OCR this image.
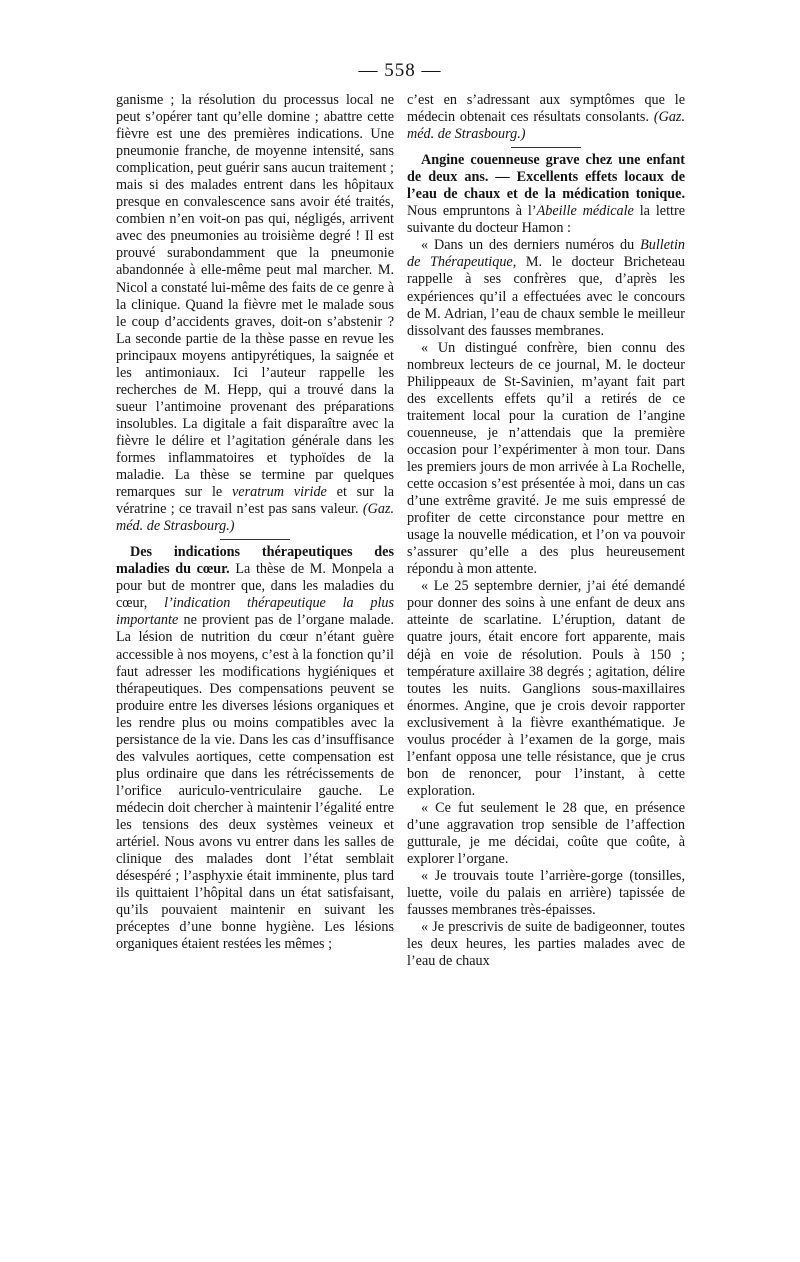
— 558 —

ganisme ; la résolution du processus local ne peut s’opérer tant qu’elle domine ; abattre cette fièvre est une des premières indications. Une pneumonie franche, de moyenne intensité, sans complication, peut guérir sans aucun traitement ; mais si des malades entrent dans les hôpitaux presque en convalescence sans avoir été traités, combien n’en voit-on pas qui, négligés, arrivent avec des pneumonies au troisième degré ! Il est prouvé surabondamment que la pneumonie abandonnée à elle-même peut mal marcher. M. Nicol a constaté lui-même des faits de ce genre à la clinique. Quand la fièvre met le malade sous le coup d’accidents graves, doit-on s’abstenir ? La seconde partie de la thèse passe en revue les principaux moyens antipyrétiques, la saignée et les antimoniaux. Ici l’auteur rappelle les recherches de M. Hepp, qui a trouvé dans la sueur l’antimoine provenant des préparations insolubles. La digitale a fait disparaître avec la fièvre le délire et l’agitation générale dans les formes inflammatoires et typhoïdes de la maladie. La thèse se termine par quelques remarques sur le veratrum viride et sur la vératrine ; ce travail n’est pas sans valeur. (Gaz. méd. de Strasbourg.)

Des indications thérapeutiques des maladies du cœur. La thèse de M. Monpela a pour but de montrer que, dans les maladies du cœur, l’indication thérapeutique la plus importante ne provient pas de l’organe malade. La lésion de nutrition du cœur n’étant guère accessible à nos moyens, c’est à la fonction qu’il faut adresser les modifications hygiéniques et thérapeutiques. Des compensations peuvent se produire entre les diverses lésions organiques et les rendre plus ou moins compatibles avec la persistance de la vie. Dans les cas d’insuffisance des valvules aortiques, cette compensation est plus ordinaire que dans les rétrécissements de l’orifice auriculo-ventriculaire gauche. Le médecin doit chercher à maintenir l’égalité entre les tensions des deux systèmes veineux et artériel. Nous avons vu entrer dans les salles de clinique des malades dont l’état semblait désespéré ; l’asphyxie était imminente, plus tard ils quittaient l’hôpital dans un état satisfaisant, qu’ils pouvaient maintenir en suivant les préceptes d’une bonne hygiène. Les lésions organiques étaient restées les mêmes ;

c’est en s’adressant aux symptômes que le médecin obtenait ces résultats consolants. (Gaz. méd. de Strasbourg.)

Angine couenneuse grave chez une enfant de deux ans. — Excellents effets locaux de l’eau de chaux et de la médication tonique. Nous empruntons à l’Abeille médicale la lettre suivante du docteur Hamon :

« Dans un des derniers numéros du Bulletin de Thérapeutique, M. le docteur Bricheteau rappelle à ses confrères que, d’après les expériences qu’il a effectuées avec le concours de M. Adrian, l’eau de chaux semble le meilleur dissolvant des fausses membranes.

« Un distingué confrère, bien connu des nombreux lecteurs de ce journal, M. le docteur Philippeaux de St-Savinien, m’ayant fait part des excellents effets qu’il a retirés de ce traitement local pour la curation de l’angine couenneuse, je n’attendais que la première occasion pour l’expérimenter à mon tour. Dans les premiers jours de mon arrivée à La Rochelle, cette occasion s’est présentée à moi, dans un cas d’une extrême gravité. Je me suis empressé de profiter de cette circonstance pour mettre en usage la nouvelle médication, et l’on va pouvoir s’assurer qu’elle a des plus heureusement répondu à mon attente.

« Le 25 septembre dernier, j’ai été demandé pour donner des soins à une enfant de deux ans atteinte de scarlatine. L’éruption, datant de quatre jours, était encore fort apparente, mais déjà en voie de résolution. Pouls à 150 ; température axillaire 38 degrés ; agitation, délire toutes les nuits. Ganglions sous-maxillaires énormes. Angine, que je crois devoir rapporter exclusivement à la fièvre exanthématique. Je voulus procéder à l’examen de la gorge, mais l’enfant opposa une telle résistance, que je crus bon de renoncer, pour l’instant, à cette exploration.

« Ce fut seulement le 28 que, en présence d’une aggravation trop sensible de l’affection gutturale, je me décidai, coûte que coûte, à explorer l’organe.

« Je trouvais toute l’arrière-gorge (tonsilles, luette, voile du palais en arrière) tapissée de fausses membranes très-épaisses.

« Je prescrivis de suite de badigeonner, toutes les deux heures, les parties malades avec de l’eau de chaux
